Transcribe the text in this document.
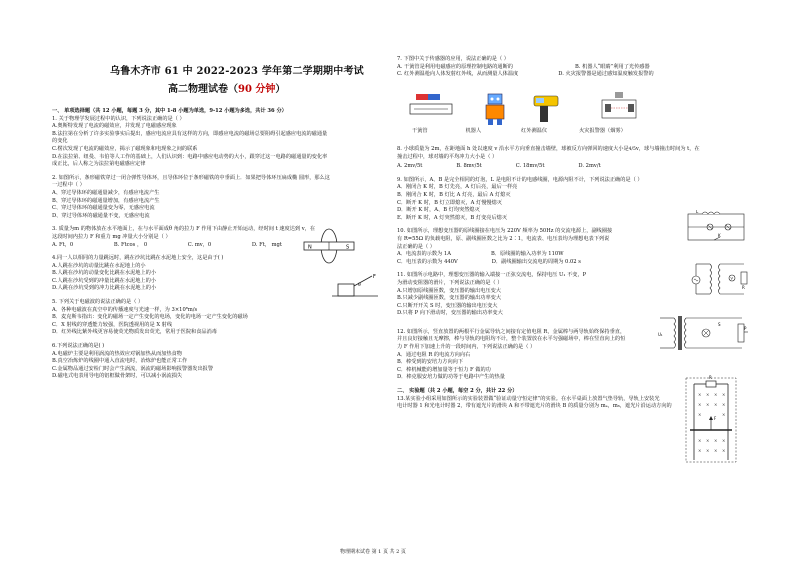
乌鲁木齐市 61 中 2022-2023 学年第二学期期中考试
高二物理试卷（90 分钟）
一、 单项选择题（共 12 小题，每题 3 分，其中 1-8 小题为单选，9-12 小题为多选，共计 36 分）
1. 关于物理学发展过程中的认识，下列说法正确的是（ ）
A.奥斯特发现了电流的磁效应，并发现了电磁感应现象
B.法拉第在分析了许多实验事实后提出，感应电流应具有这样的方向，即感应电流的磁场总要阻碍引起感应电流的磁通量
的变化
C.楞次发现了电流的磁效应，揭示了磁现象和电现象之间的联系
D.在法拉第、纽曼、韦伯等人工作的基础上，人们认识到：电路中感应电动势的大小，跟穿过这一电路的磁通量的变化率
成正比，后人称之为法拉第电磁感应定律
2. 如图所示，条形磁铁穿过一闭合弹性导体环，且导体环位于条形磁铁的中垂面上．如果把导体环压扁成椭 圆形，那么这
一过程中（ ）
A、穿过导体环的磁通量减少，有感应电流产生
B、穿过导体环的磁通量增加，有感应电流产生
C、穿过导体环的磁通量变为零，无感应电流
D、穿过导体环的磁通量不变，无感应电流
3. 质量为m 的物体放在水平地面上，在与水平面成θ 角的拉力 F 作用下由静止开始运动，经时间 t 速度达到 v，在
这段时间内拉力 F 和重力 mg 冲量大小分别是（ ）
A. Ft，0	B. Ftcos ， 0	C. mv，0	D. Ft， mgt
4.同一人以相同的力量跳远时，跳在沙坑比跳在水泥地上安全，这是由于( )
A.人跳在沙坑的动量比跳在水泥地上的小
B.人跳在沙坑的动量变化比跳在水泥地上的小
C.人跳在沙坑受到的冲量比跳在水泥地上的小
D.人跳在沙坑受到的冲力比跳在水泥地上的小
5. 下列关于电磁波的说法正确的是（ ）
A．各种电磁波在真空中的传播速度与光速一样，为 3×10⁸m/s
B．麦克斯韦指出：变化的磁场一定产生变化的电场，变化的电场一定产生变化的磁场
C．X 射线的穿透能力较强，医院透视用的是 X 射线
D．红外线比紫外线更容易使荧光物质发出荧光，常用于医院和食品消毒
6.下列说法正确的是( )
A.电磁炉主要是利用涡流的热效应对锅加热从而加热食物
B.真空冶炼炉的线圈中通入直流电时，冶炼炉也能正常工作
C.金属物品通过安检门时会产生涡流，涡流的磁场影响报警器发出报警
D.磁电式电表用导电的铝框做骨架时，可以减小涡流损失
N	S
F
θ
7. 下图中关于传感器的应用，说法正确的是（ ）
A. 干簧管是利用电磁感应的原理控制电路的通断的	B. 机器人“眼睛”利用了光传感器
C. 红外测温枪向人体发射红外线，从而测量人体温度	D. 火灾报警器是通过感知温度触发报警的
干簧管	机器人	红外测温仪	火灾报警器（烟雾）
8. 小球质量为 2m，在距地面 h 处以速度 v 沿水平方向垂直撞击墙壁，球被反方向弹回的速度大小是4/5v，球与墙撞击时间为 t，在
撞击过程中，球对墙的平均冲力大小是（ ）
A. 2mv/5t	B. 8mv/5t	C. 18mv/5t	D. 2mv/t
9. 如图所示，A、B 是完全相同的灯泡，L 是电阻不计的电感线圈，电源内阻不计，下列说法正确的是（ ）
A．刚闭合 K 时，B 灯先亮，A 灯后亮，最后一样亮
B．刚闭合 K 时，B 灯比 A 灯亮，最后 A 灯熄灭
C．断开 K 时，B 灯立即熄灭，A 灯慢慢熄灭
D．断开 K 时，A、B 灯均突然熄灭
E．断开 K 时，A 灯突然熄灭，B 灯变亮后熄灭
10. 如图所示，理想变压器的原线圈接在电压为 220V 频率为 50Hz 的交流电源上，副线圈接
有 R=55Ω 的负载电阻，原、副线圈匝数之比为 2∶1，电流表、电压表均为理想电表下列说
法正确的是（ ）
A．电流表的示数为 1A	B．原线圈的输入功率为 110W
C．电压表的示数为 440V	D．副线圈输出交流电的周期为 0.02 s
11. 如图所示电路中，理想变压器的输入端接一正弦交流电，保持电压 U₁ 不变，P
为滑动变阻器的滑片，下列说法正确的是（ ）
A.只增加原线圈匝数，变压器的输出电压变大
B.只减少副线圈匝数，变压器的输出功率变大
C.只断开开关 S 时，变压器的输出电压变大
D.只将 P 向下滑动时，变压器的输出功率变大
12. 如图所示，竖直放置的两根平行金属导轨之间接有定值电阻 R，金属棒与两导轨始终保持垂直，
并且良好接触且无摩擦，棒与导轨的电阻均不计，整个装置放在水平匀强磁场中，棒在竖直向上的恒
力 F 作用下加速上升的一段时间内，下列说法正确的是（ ）
A．通过电阻 R 的电流方向向右
B．棒受到的安培力方向向下
C．棒机械能的增加量等于恒力 F 做的功
D．棒克服安培力做的功等于电路中产生的热量
二、 实验题（共 2 小题，每空 2 分，共计 22 分）
13.某实验小组采用如图所示的实验装置做“验证动量守恒定律”的实验。在水平桌面上放置气垫导轨，导轨上安装光
电计时器 1 和光电计时器 2，带有遮光片的滑块 A 和不带遮光片的滑块 B 的质量分别为 mₐ，m₆，遮光片沿运动方向的
L
K
V
R
U₁
S
P
R
F
× × × ×
× × × ×
×	×
× × × ×
× × × ×
物理期末试卷 第 1 页 共 2 页
